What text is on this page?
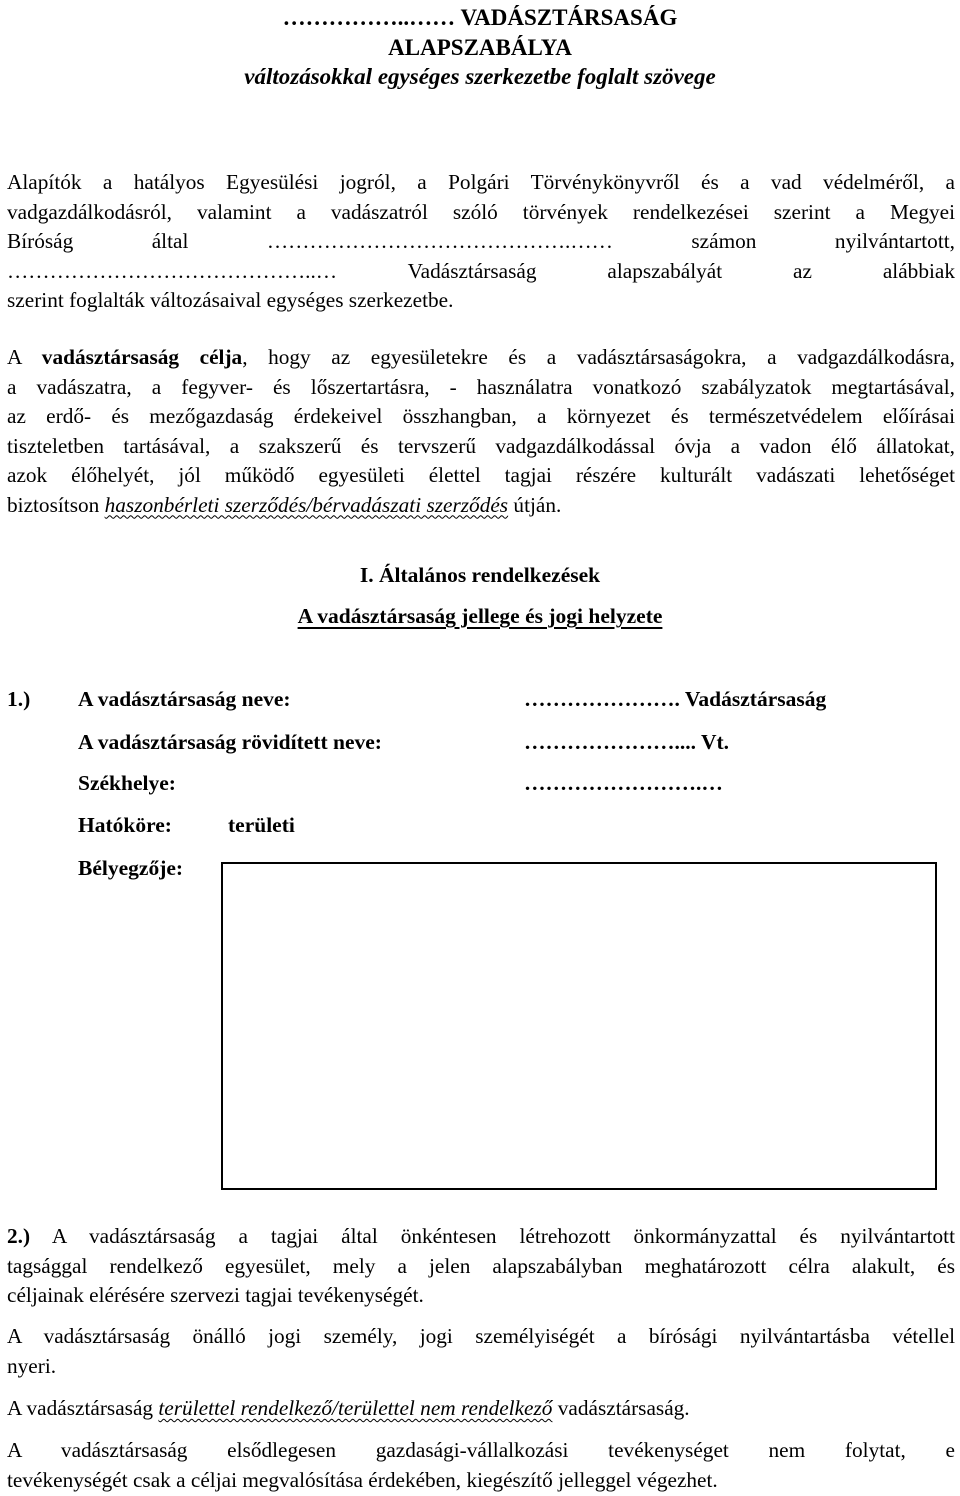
……………..…… VADÁSZTÁRSASÁG
ALAPSZABÁLYA
változásokkal egységes szerkezetbe foglalt szövege
Alapítók a hatályos Egyesülési jogról, a Polgári Törvénykönyvről és a vad védelméről, a
vadgazdálkodásról, valamint a vadászatról szóló törvények rendelkezései szerint a Megyei
Bíróság által …………………………………….…… számon nyilvántartott,
……………………………………..… Vadásztársaság alapszabályát az alábbiak
szerint foglalták változásaival egységes szerkezetbe.
A vadásztársaság célja, hogy az egyesületekre és a vadásztársaságokra, a vadgazdálkodásra,
a vadászatra, a fegyver- és lőszertartásra, - használatra vonatkozó szabályzatok megtartásával,
az erdő- és mezőgazdaság érdekeivel összhangban, a környezet és természetvédelem előírásai
tiszteletben tartásával, a szakszerű és tervszerű vadgazdálkodással óvja a vadon élő állatokat,
azok élőhelyét, jól működő egyesületi élettel tagjai részére kulturált vadászati lehetőséget
biztosítson haszonbérleti szerződés/bérvadászati szerződés útján.
I. Általános rendelkezések
A vadásztársaság jellege és jogi helyzete
1.) A vadásztársaság neve:	…………………. Vadásztársaság
A vadásztársaság rövidített neve:	………………….... Vt.
Székhelye:	…………………….…
Hatóköre:	területi
Bélyegzője:
2.) A vadásztársaság a tagjai által önkéntesen létrehozott önkormányzattal és nyilvántartott
tagsággal rendelkező egyesület, mely a jelen alapszabályban meghatározott célra alakult, és
céljainak elérésére szervezi tagjai tevékenységét.
A vadásztársaság önálló jogi személy, jogi személyiségét a bírósági nyilvántartásba vétellel
nyeri.
A vadásztársaság területtel rendelkező/területtel nem rendelkező vadásztársaság.
A vadásztársaság elsődlegesen gazdasági-vállalkozási tevékenységet nem folytat, e
tevékenységét csak a céljai megvalósítása érdekében, kiegészítő jelleggel végezhet.
